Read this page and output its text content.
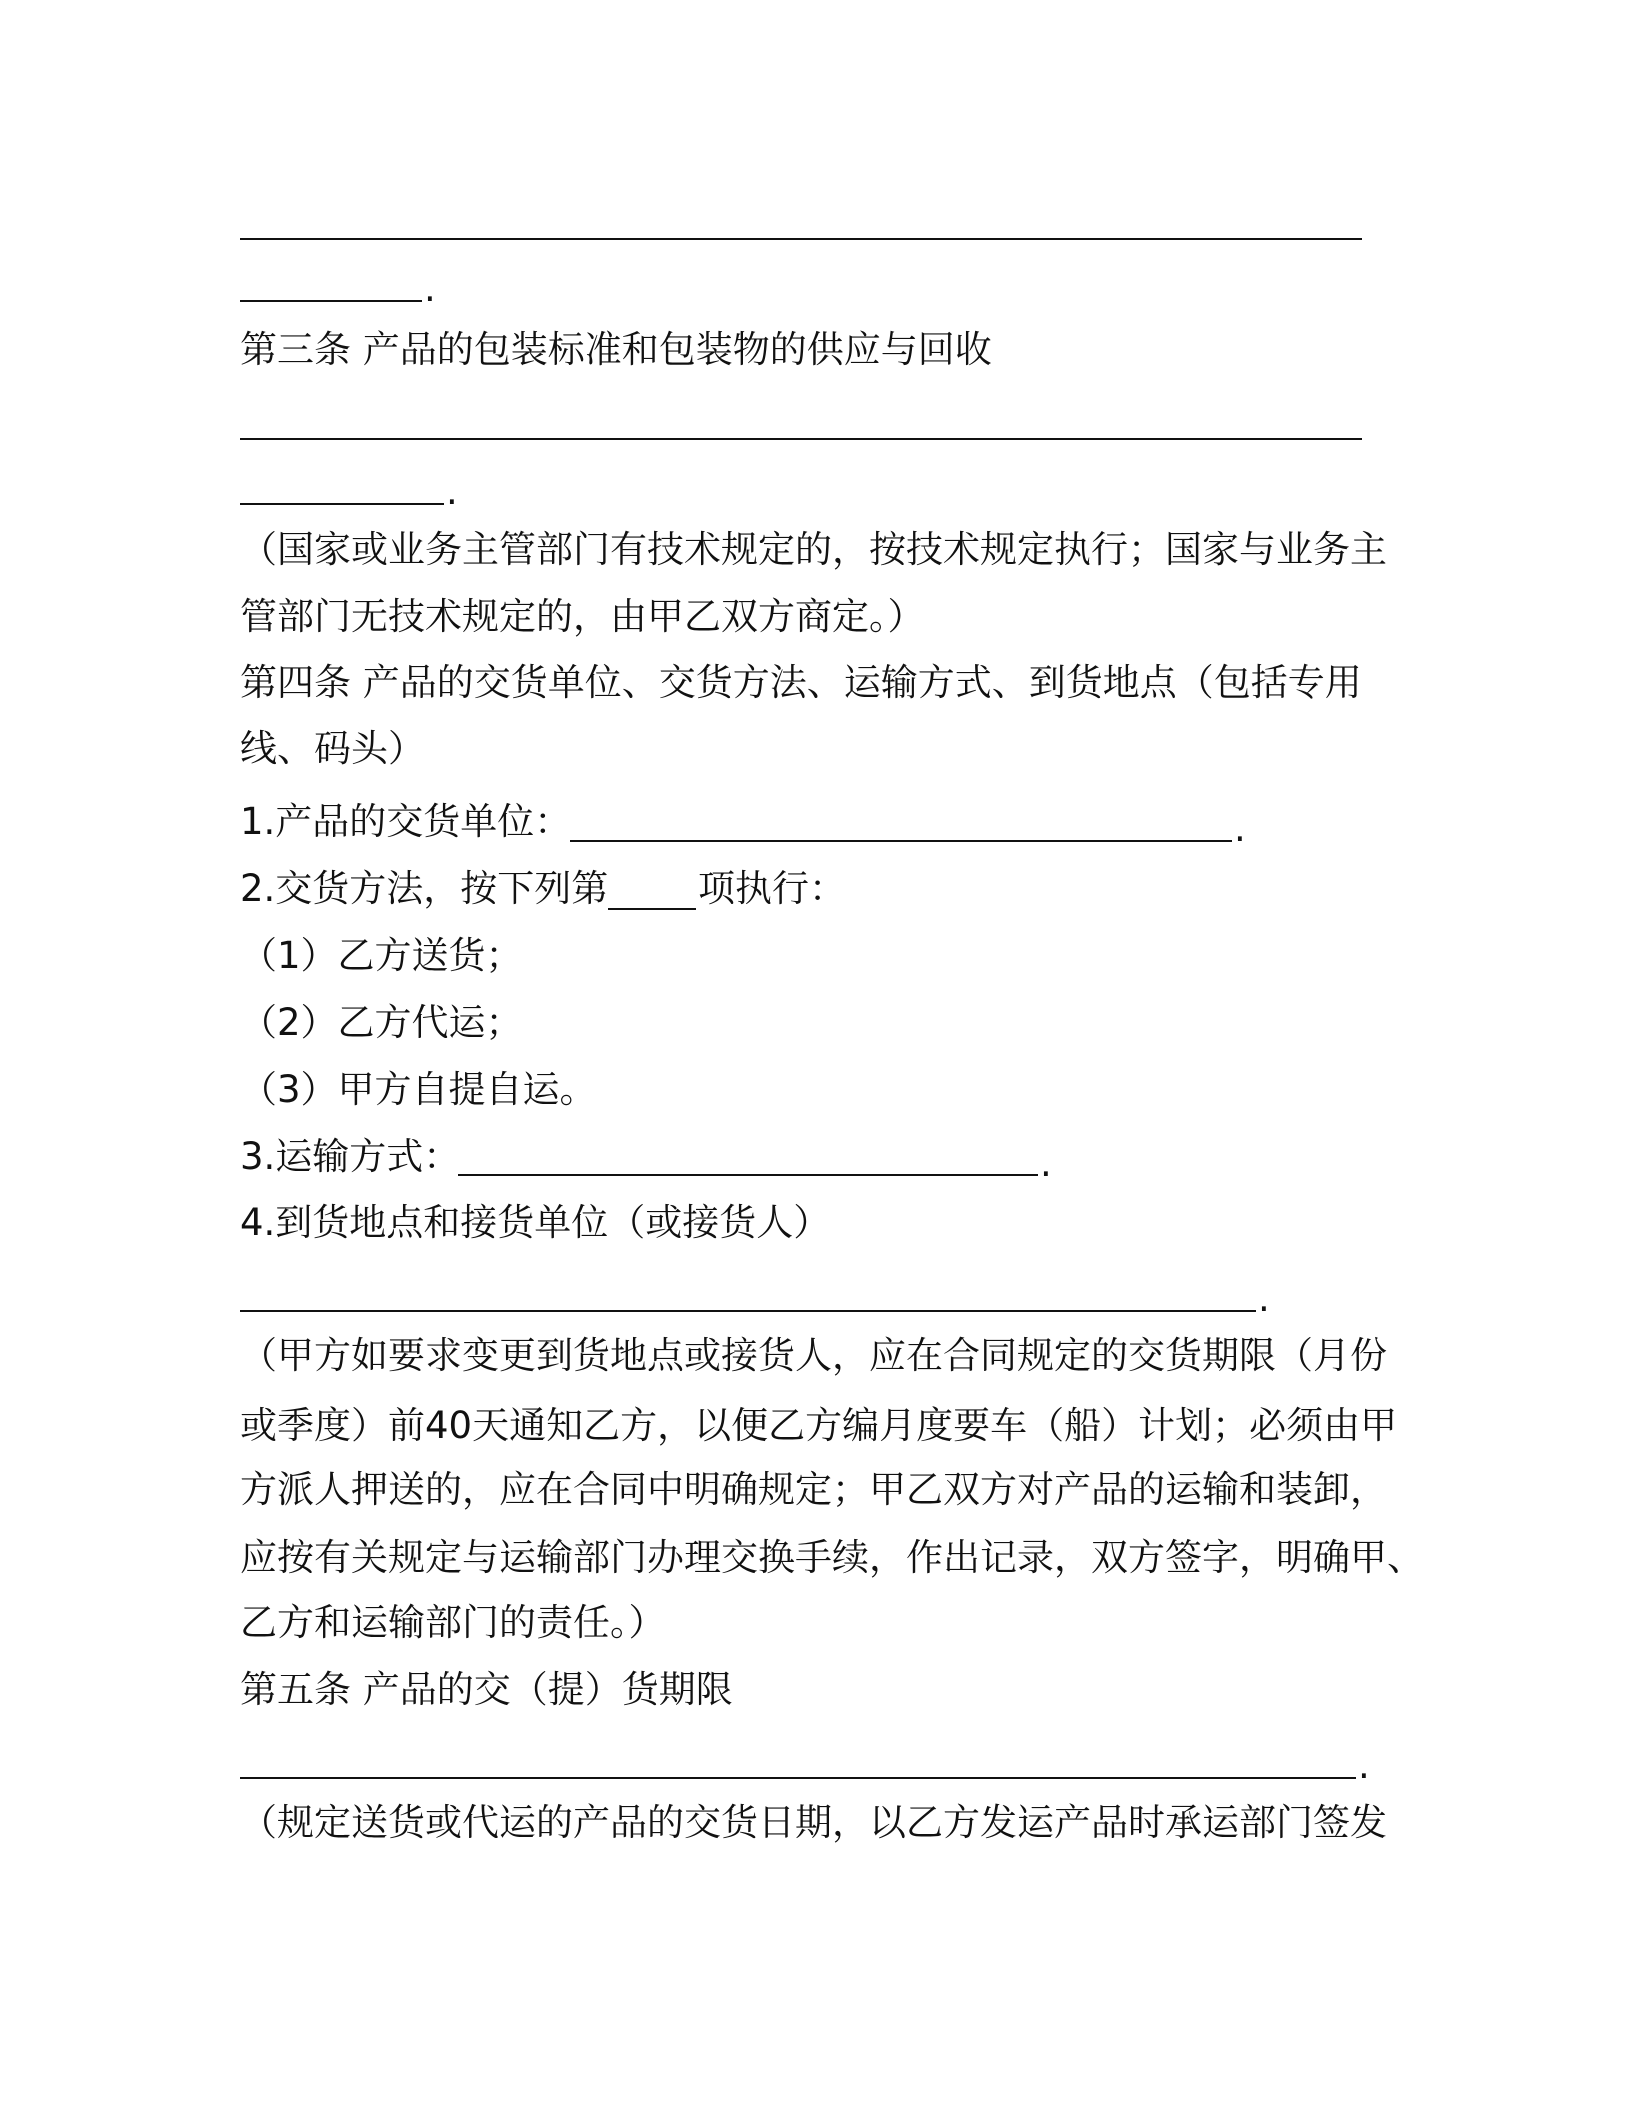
.
第三条 产品的包装标准和包装物的供应与回收
.
（国家或业务主管部门有技术规定的，按技术规定执行；国家与业务主
管部门无技术规定的，由甲乙双方商定。）
第四条 产品的交货单位、交货方法、运输方式、到货地点（包括专用
线、码头）
1.产品的交货单位：	.
2.交货方法，按下列第 项执行：
（1）乙方送货；
（2）乙方代运；
（3）甲方自提自运。
3.运输方式：	.
4.到货地点和接货单位（或接货人）
.
（甲方如要求变更到货地点或接货人，应在合同规定的交货期限（月份
或季度）前40天通知乙方，以便乙方编月度要车（船）计划；必须由甲
方派人押送的，应在合同中明确规定；甲乙双方对产品的运输和装卸，
应按有关规定与运输部门办理交换手续，作出记录，双方签字，明确甲、
乙方和运输部门的责任。）
第五条 产品的交（提）货期限
.
（规定送货或代运的产品的交货日期，以乙方发运产品时承运部门签发
